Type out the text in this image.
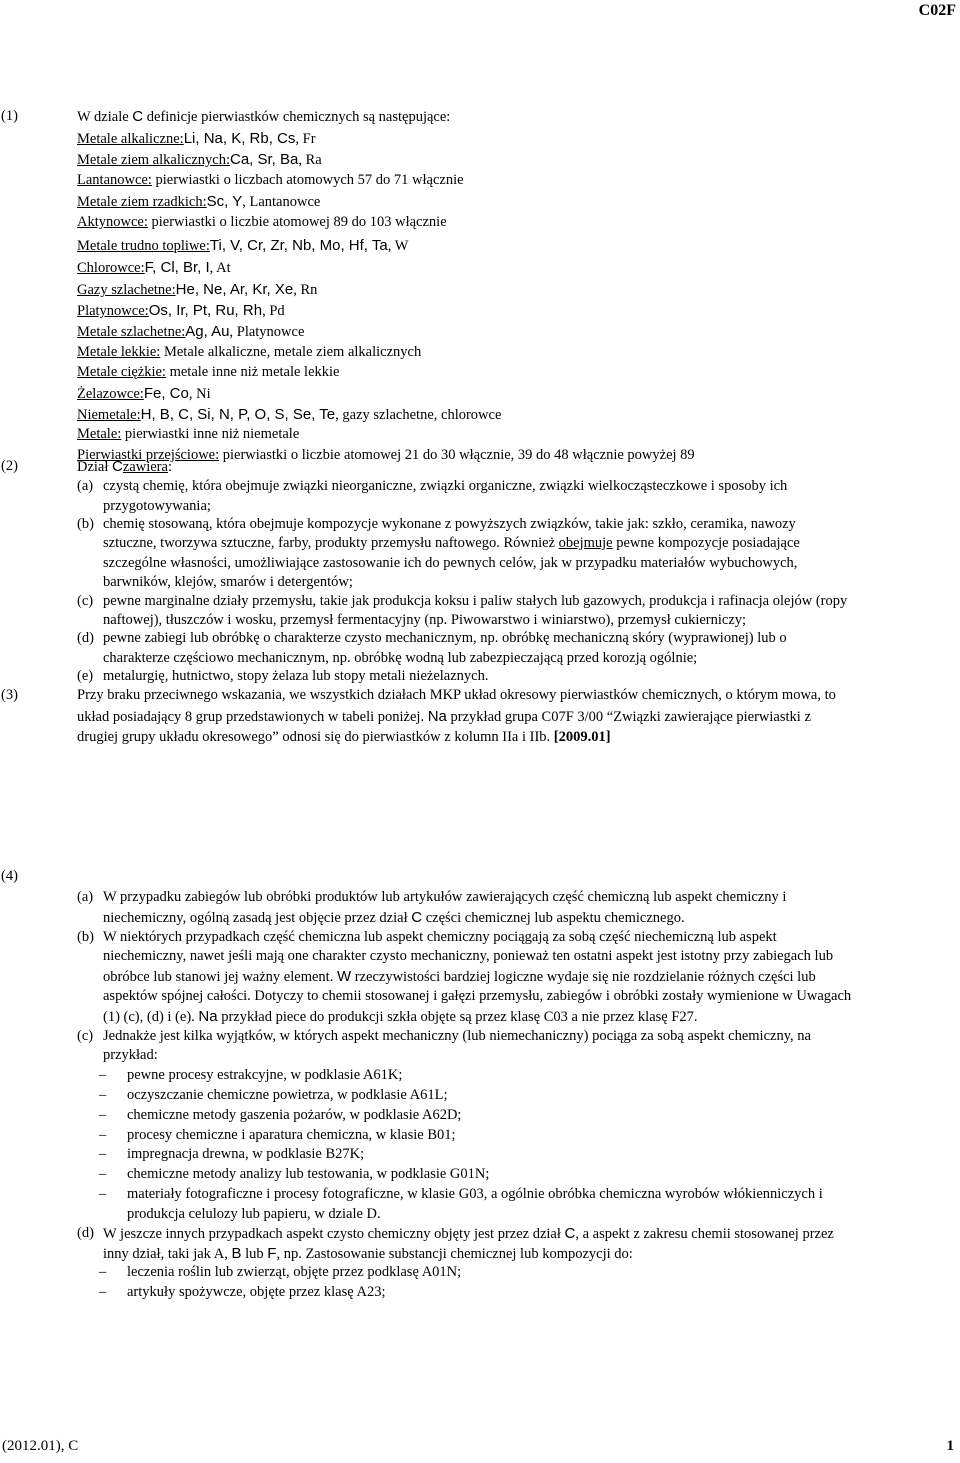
C02F
(1)	W dziale C definicje pierwiastków chemicznych są następujące:
Metale alkaliczne:Li, Na, K, Rb, Cs, Fr
Metale ziem alkalicznych:Ca, Sr, Ba, Ra
Lantanowce: pierwiastki o liczbach atomowych 57 do 71 włącznie
Metale ziem rzadkich:Sc, Y, Lantanowce
Aktynowce: pierwiastki o liczbie atomowej 89 do 103 włącznie
Metale trudno topliwe:Ti, V, Cr, Zr, Nb, Mo, Hf, Ta, W
Chlorowce:F, Cl, Br, I, At
Gazy szlachetne:He, Ne, Ar, Kr, Xe, Rn
Platynowce:Os, Ir, Pt, Ru, Rh, Pd
Metale szlachetne:Ag, Au, Platynowce
Metale lekkie: Metale alkaliczne, metale ziem alkalicznych
Metale ciężkie: metale inne niż metale lekkie
Żelazowce:Fe, Co, Ni
Niemetale:H, B, C, Si, N, P, O, S, Se, Te, gazy szlachetne, chlorowce
Metale: pierwiastki inne niż niemetale
Pierwiastki przejściowe: pierwiastki o liczbie atomowej 21 do 30 włącznie, 39 do 48 włącznie powyżej 89
(2)	Dział Czawiera:
(a) czystą chemię, która obejmuje związki nieorganiczne, związki organiczne, związki wielkocząsteczkowe i sposoby ich
przygotowywania;
(b) chemię stosowaną, która obejmuje kompozycje wykonane z powyższych związków, takie jak: szkło, ceramika, nawozy
sztuczne, tworzywa sztuczne, farby, produkty przemysłu naftowego. Również obejmuje pewne kompozycje posiadające
szczególne własności, umożliwiające zastosowanie ich do pewnych celów, jak w przypadku materiałów wybuchowych,
barwników, klejów, smarów i detergentów;
(c) pewne marginalne działy przemysłu, takie jak produkcja koksu i paliw stałych lub gazowych, produkcja i rafinacja olejów (ropy
naftowej), tłuszczów i wosku, przemysł fermentacyjny (np. Piwowarstwo i winiarstwo), przemysł cukierniczy;
(d) pewne zabiegi lub obróbkę o charakterze czysto mechanicznym, np. obróbkę mechaniczną skóry (wyprawionej) lub o
charakterze częściowo mechanicznym, np. obróbkę wodną lub zabezpieczającą przed korozją ogólnie;
(e) metalurgię, hutnictwo, stopy żelaza lub stopy metali nieżelaznych.
(3)	Przy braku przeciwnego wskazania, we wszystkich działach MKP układ okresowy pierwiastków chemicznych, o którym mowa, to
układ posiadający 8 grup przedstawionych w tabeli poniżej. Na przykład grupa C07F 3/00 “Związki zawierające pierwiastki z
drugiej grupy układu okresowego” odnosi się do pierwiastków z kolumn IIa i IIb. [2009.01]
(4)
(a) W przypadku zabiegów lub obróbki produktów lub artykułów zawierających część chemiczną lub aspekt chemiczny i
niechemiczny, ogólną zasadą jest objęcie przez dział C części chemicznej lub aspektu chemicznego.
(b) W niektórych przypadkach część chemiczna lub aspekt chemiczny pociągają za sobą część niechemiczną lub aspekt
niechemiczny, nawet jeśli mają one charakter czysto mechaniczny, ponieważ ten ostatni aspekt jest istotny przy zabiegach lub
obróbce lub stanowi jej ważny element. W rzeczywistości bardziej logiczne wydaje się nie rozdzielanie różnych części lub
aspektów spójnej całości. Dotyczy to chemii stosowanej i gałęzi przemysłu, zabiegów i obróbki zostały wymienione w Uwagach
(1) (c), (d) i (e). Na przykład piece do produkcji szkła objęte są przez klasę C03 a nie przez klasę F27.
(c) Jednakże jest kilka wyjątków, w których aspekt mechaniczny (lub niemechaniczny) pociąga za sobą aspekt chemiczny, na
przykład:
– pewne procesy estrakcyjne, w podklasie A61K;
– oczyszczanie chemiczne powietrza, w podklasie A61L;
– chemiczne metody gaszenia pożarów, w podklasie A62D;
– procesy chemiczne i aparatura chemiczna, w klasie B01;
– impregnacja drewna, w podklasie B27K;
– chemiczne metody analizy lub testowania, w podklasie G01N;
– materiały fotograficzne i procesy fotograficzne, w klasie G03, a ogólnie obróbka chemiczna wyrobów włókienniczych i
produkcja celulozy lub papieru, w dziale D.
(d) W jeszcze innych przypadkach aspekt czysto chemiczny objęty jest przez dział C, a aspekt z zakresu chemii stosowanej przez
inny dział, taki jak A, B lub F, np. Zastosowanie substancji chemicznej lub kompozycji do:
– leczenia roślin lub zwierząt, objęte przez podklasę A01N;
– artykuły spożywcze, objęte przez klasę A23;
(2012.01), C	1
